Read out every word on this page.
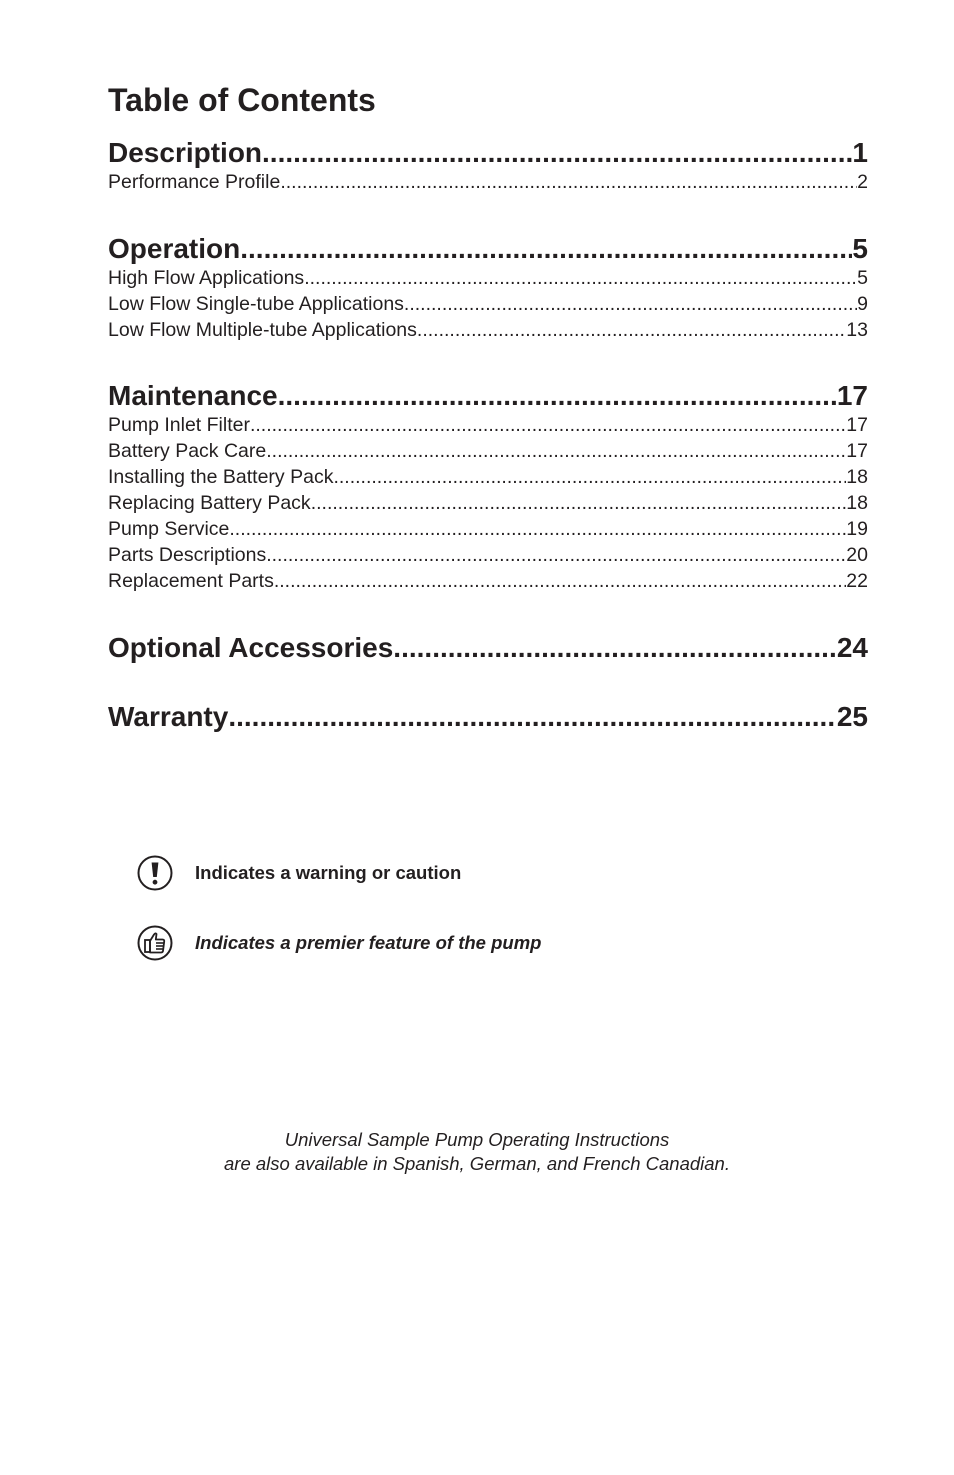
Table of Contents
Description .....	1
Performance Profile .....	2
Operation .....	5
High Flow Applications .....	5
Low Flow Single-tube Applications .....	9
Low Flow Multiple-tube Applications .....	13
Maintenance .....	17
Pump Inlet Filter .....	17
Battery Pack Care .....	17
Installing the Battery Pack .....	18
Replacing Battery Pack .....	18
Pump Service .....	19
Parts Descriptions .....	20
Replacement Parts .....	22
Optional Accessories .....	24
Warranty .....	25
Indicates a warning or caution
Indicates a premier feature of the pump
Universal Sample Pump Operating Instructions
are also available in Spanish, German, and French Canadian.
